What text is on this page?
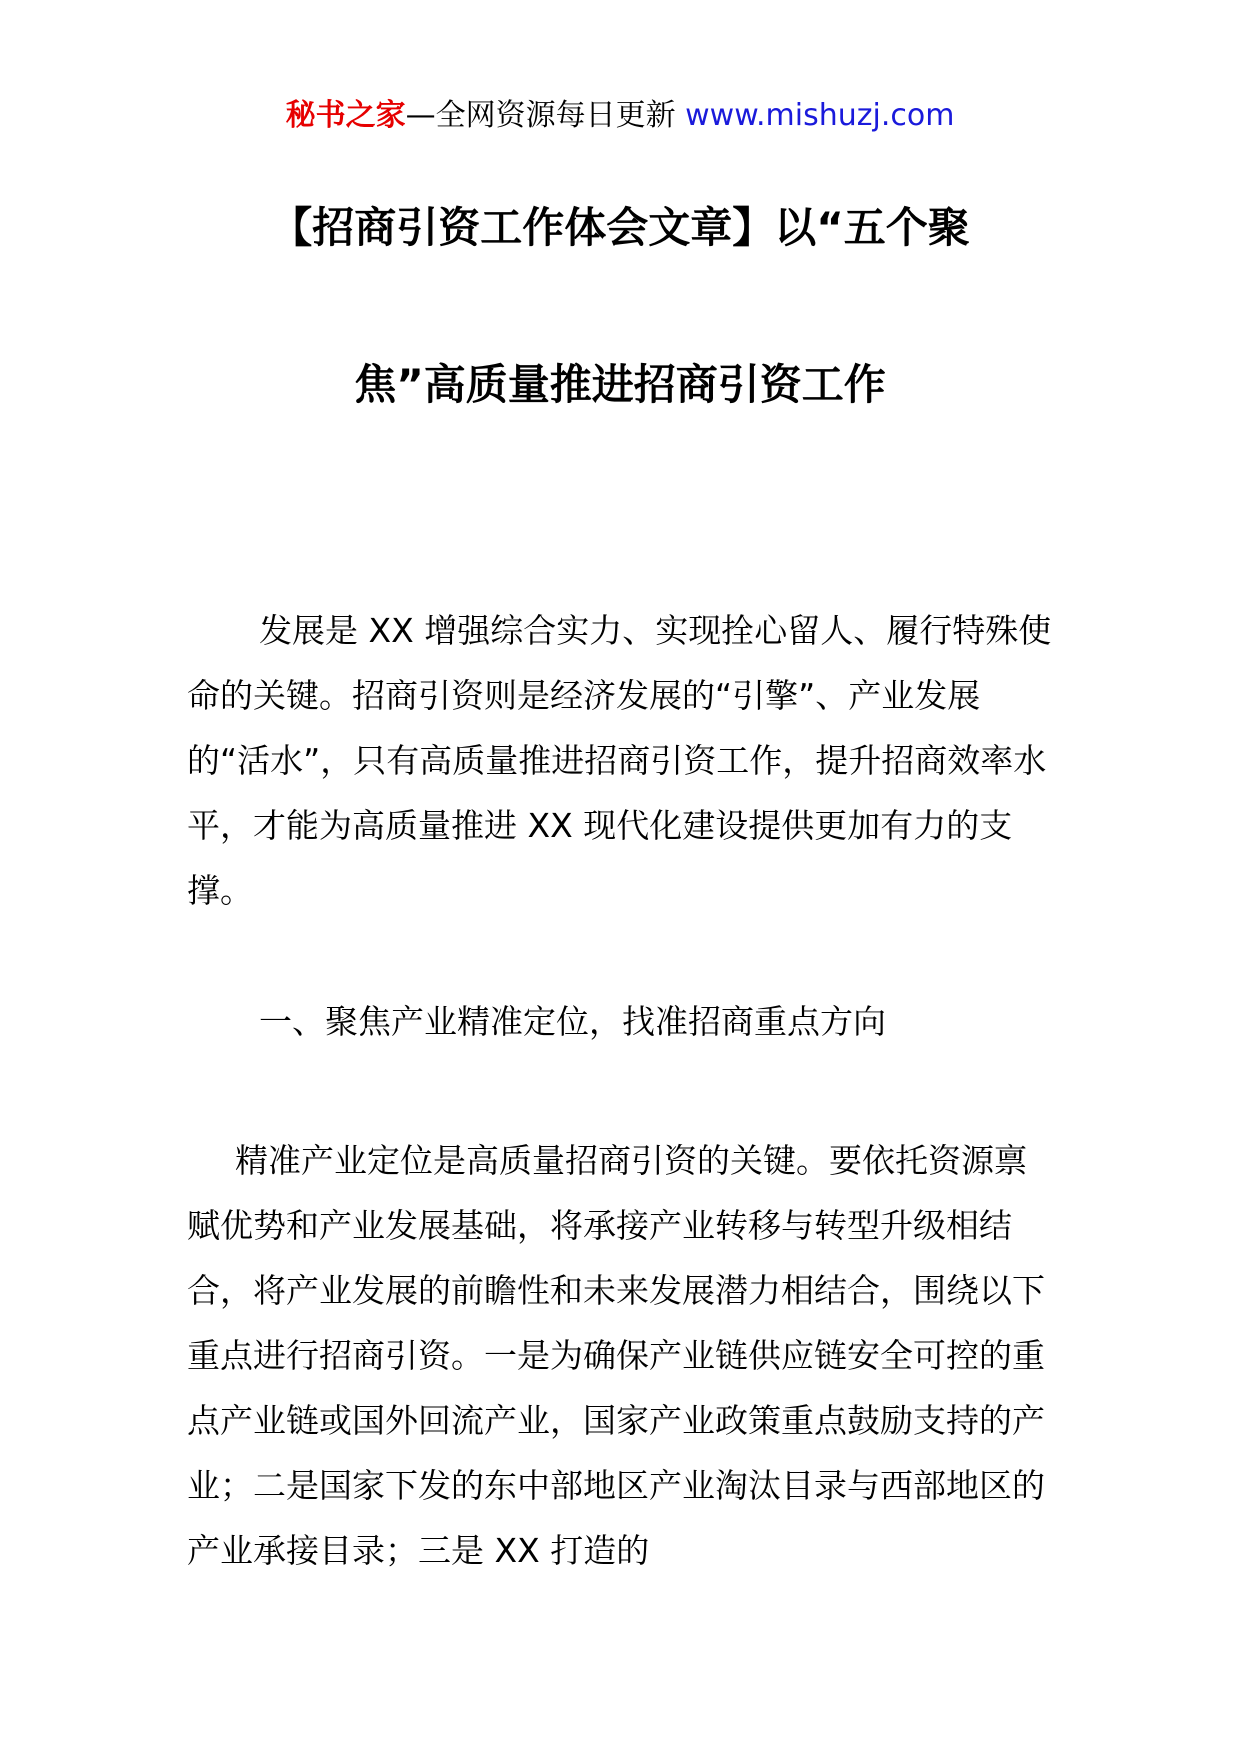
秘书之家—全网资源每日更新 www.mishuzj.com
【招商引资工作体会文章】以“五个聚
焦”高质量推进招商引资工作
发展是 XX 增强综合实力、实现拴心留人、履行特殊使命的关键。招商引资则是经济发展的“引擎”、产业发展的“活水”，只有高质量推进招商引资工作，提升招商效率水平，才能为高质量推进 XX 现代化建设提供更加有力的支撑。
一、聚焦产业精准定位，找准招商重点方向
精准产业定位是高质量招商引资的关键。要依托资源禀赋优势和产业发展基础，将承接产业转移与转型升级相结合，将产业发展的前瞻性和未来发展潜力相结合，围绕以下重点进行招商引资。一是为确保产业链供应链安全可控的重点产业链或国外回流产业，国家产业政策重点鼓励支持的产业；二是国家下发的东中部地区产业淘汰目录与西部地区的产业承接目录；三是 XX 打造的
